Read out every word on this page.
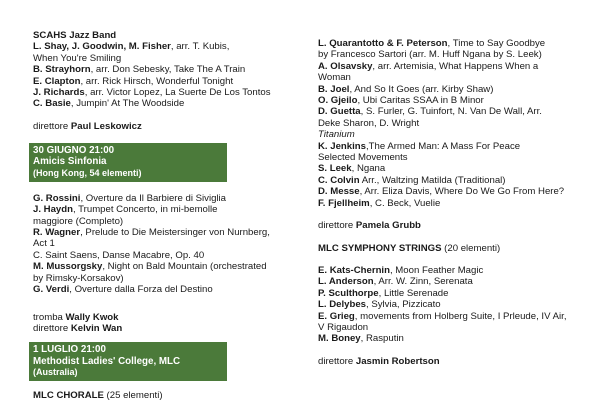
SCAHS Jazz Band
L. Shay, J. Goodwin, M. Fisher, arr. T. Kubis,
When You're Smiling
B. Strayhorn, arr. Don Sebesky, Take The A Train
E. Clapton, arr. Rick Hirsch, Wonderful Tonight
J. Richards, arr. Victor Lopez, La Suerte De Los Tontos
C. Basie, Jumpin' At The Woodside
direttore Paul Leskowicz
30 GIUGNO 21:00
Amicis Sinfonia
(Hong Kong, 54 elementi)
G. Rossini, Overture da Il Barbiere di Siviglia
J. Haydn, Trumpet Concerto, in mi-bemolle
maggiore (Completo)
R. Wagner, Prelude to Die Meistersinger von Nurnberg,
Act 1
C. Saint Saens, Danse Macabre, Op. 40
M. Mussorgsky, Night on Bald Mountain (orchestrated
by Rimsky-Korsakov)
G. Verdi, Overture dalla Forza del Destino
tromba Wally Kwok
direttore Kelvin Wan
1 LUGLIO 21:00
Methodist Ladies' College, MLC
(Australia)
MLC CHORALE (25 elementi)
L. Quarantotto & F. Peterson, Time to Say Goodbye
by Francesco Sartori (arr. M. Huff Ngana by S. Leek)
A. Olsavsky, arr. Artemisia, What Happens When a
Woman
B. Joel, And So It Goes (arr. Kirby Shaw)
O. Gjeilo, Ubi Caritas SSAA in B Minor
D. Guetta, S. Furler, G. Tuinfort, N. Van De Wall, Arr.
Deke Sharon, D. Wright
Titanium
K. Jenkins,The Armed Man: A Mass For Peace
Selected Movements
S. Leek, Ngana
C. Colvin Arr., Waltzing Matilda (Traditional)
D. Messe, Arr. Eliza Davis, Where Do We Go From Here?
F. Fjellheim, C. Beck, Vuelie
direttore Pamela Grubb
MLC SYMPHONY STRINGS (20 elementi)
E. Kats-Chernin, Moon Feather Magic
L. Anderson, Arr. W. Zinn, Serenata
P. Sculthorpe, Little Serenade
L. Delybes, Sylvia, Pizzicato
E. Grieg, movements from Holberg Suite, I Prleude, IV Air,
V Rigaudon
M. Boney, Rasputin
direttore Jasmin Robertson
